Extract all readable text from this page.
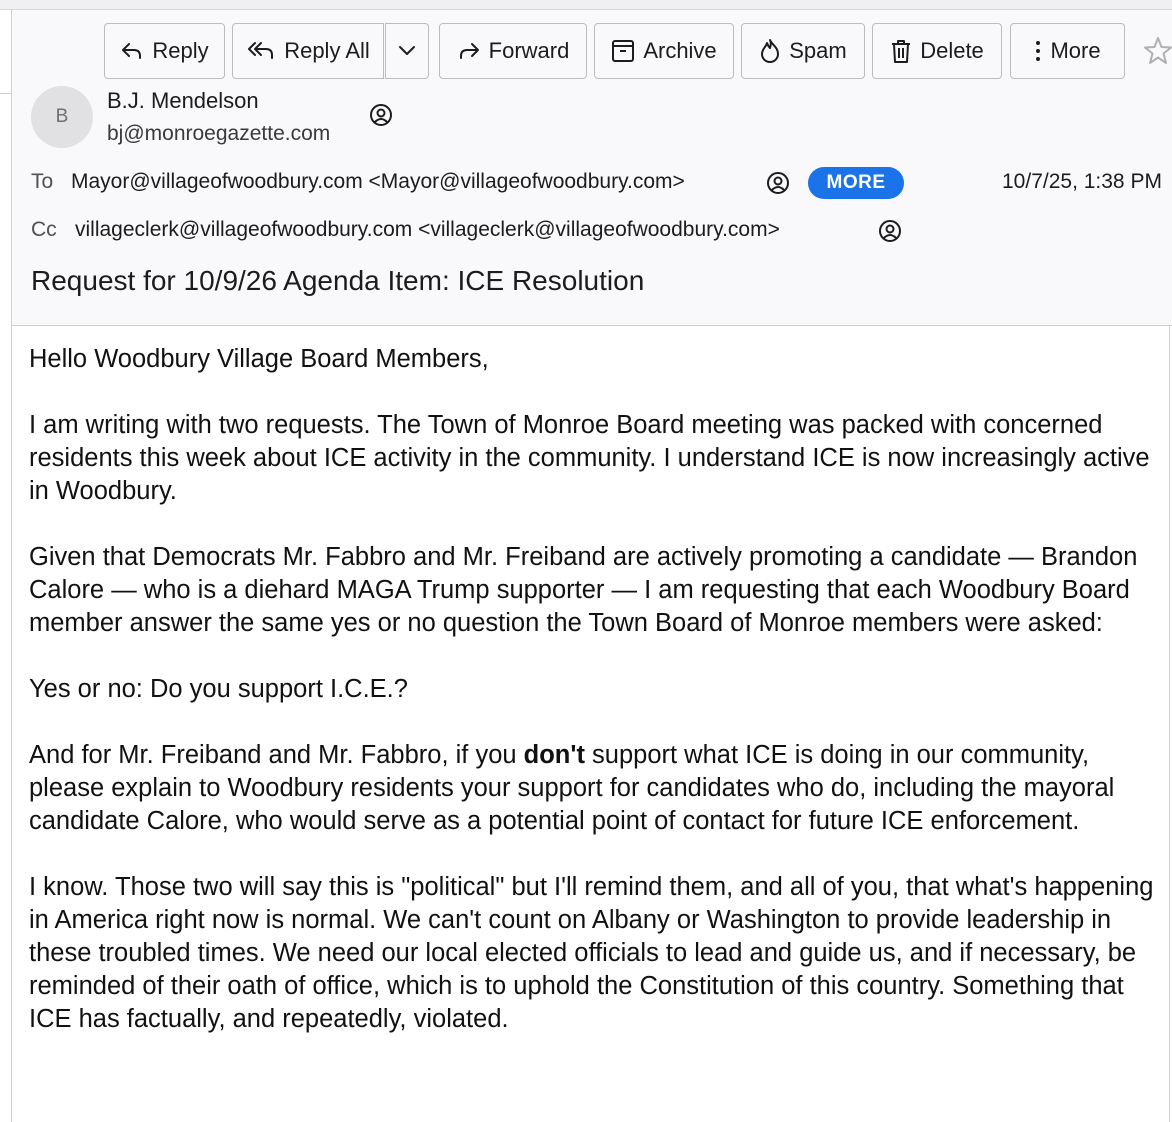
Reply	Reply All	Forward	Archive	Spam	Delete	More
B
B.J. Mendelson
bj@monroegazette.com
To Mayor@villageofwoodbury.com <Mayor@villageofwoodbury.com>	MORE	10/7/25, 1:38 PM
Cc villageclerk@villageofwoodbury.com <villageclerk@villageofwoodbury.com>
Request for 10/9/26 Agenda Item: ICE Resolution

Hello Woodbury Village Board Members,

I am writing with two requests. The Town of Monroe Board meeting was packed with concerned residents this week about ICE activity in the community. I understand ICE is now increasingly active in Woodbury.

Given that Democrats Mr. Fabbro and Mr. Freiband are actively promoting a candidate — Brandon Calore — who is a diehard MAGA Trump supporter — I am requesting that each Woodbury Board member answer the same yes or no question the Town Board of Monroe members were asked:

Yes or no: Do you support I.C.E.?

And for Mr. Freiband and Mr. Fabbro, if you don't support what ICE is doing in our community, please explain to Woodbury residents your support for candidates who do, including the mayoral candidate Calore, who would serve as a potential point of contact for future ICE enforcement.

I know. Those two will say this is "political" but I'll remind them, and all of you, that what's happening in America right now is normal. We can't count on Albany or Washington to provide leadership in these troubled times. We need our local elected officials to lead and guide us, and if necessary, be reminded of their oath of office, which is to uphold the Constitution of this country. Something that ICE has factually, and repeatedly, violated.
